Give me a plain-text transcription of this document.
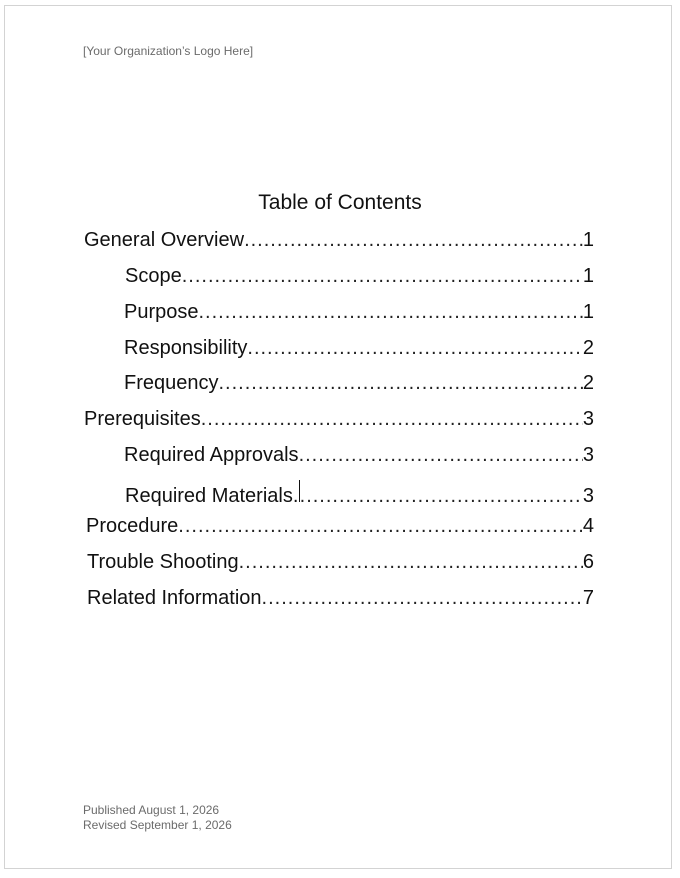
[Your Organization’s Logo Here]
Table of Contents
General Overview .....	1
Scope .....	1
Purpose .....	1
Responsibility .....	2
Frequency .....	2
Prerequisites .....	3
Required Approvals .....	3
Required Materials. .....	3
Procedure .....	4
Trouble Shooting .....	6
Related Information .....	7
Published August 1, 2026
Revised September 1, 2026
